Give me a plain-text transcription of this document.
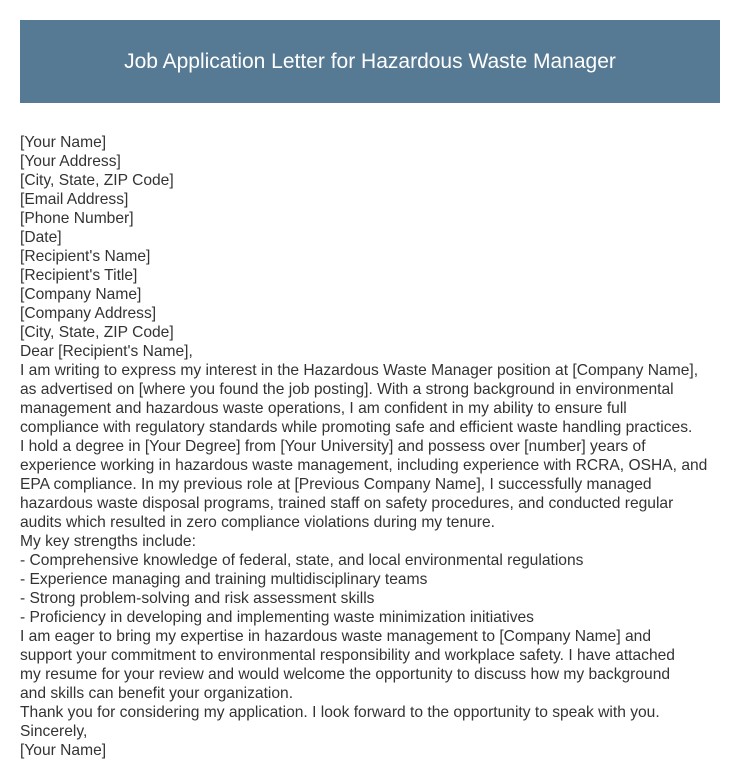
Job Application Letter for Hazardous Waste Manager
[Your Name]
[Your Address]
[City, State, ZIP Code]
[Email Address]
[Phone Number]
[Date]
[Recipient's Name]
[Recipient's Title]
[Company Name]
[Company Address]
[City, State, ZIP Code]
Dear [Recipient's Name],
I am writing to express my interest in the Hazardous Waste Manager position at [Company Name],
as advertised on [where you found the job posting]. With a strong background in environmental
management and hazardous waste operations, I am confident in my ability to ensure full
compliance with regulatory standards while promoting safe and efficient waste handling practices.
I hold a degree in [Your Degree] from [Your University] and possess over [number] years of
experience working in hazardous waste management, including experience with RCRA, OSHA, and
EPA compliance. In my previous role at [Previous Company Name], I successfully managed
hazardous waste disposal programs, trained staff on safety procedures, and conducted regular
audits which resulted in zero compliance violations during my tenure.
My key strengths include:
- Comprehensive knowledge of federal, state, and local environmental regulations
- Experience managing and training multidisciplinary teams
- Strong problem-solving and risk assessment skills
- Proficiency in developing and implementing waste minimization initiatives
I am eager to bring my expertise in hazardous waste management to [Company Name] and
support your commitment to environmental responsibility and workplace safety. I have attached
my resume for your review and would welcome the opportunity to discuss how my background
and skills can benefit your organization.
Thank you for considering my application. I look forward to the opportunity to speak with you.
Sincerely,
[Your Name]
